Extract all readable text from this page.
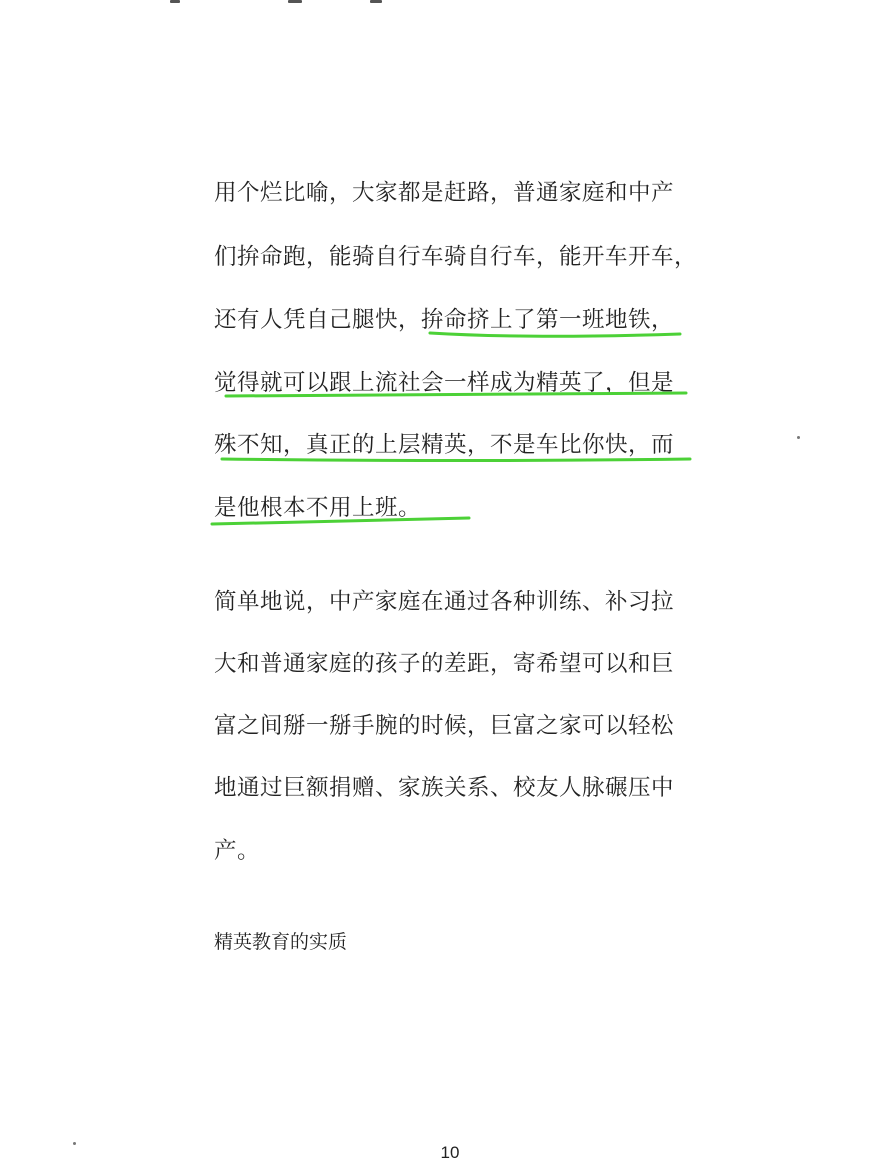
用个烂比喻，大家都是赶路，普通家庭和中产
们拚命跑，能骑自行车骑自行车，能开车开车，
还有人凭自己腿快，拚命挤上了第一班地铁，
觉得就可以跟上流社会一样成为精英了，但是
殊不知，真正的上层精英，不是车比你快，而
是他根本不用上班。
简单地说，中产家庭在通过各种训练、补习拉
大和普通家庭的孩子的差距，寄希望可以和巨
富之间掰一掰手腕的时候，巨富之家可以轻松
地通过巨额捐赠、家族关系、校友人脉碾压中
产。
精英教育的实质
10
